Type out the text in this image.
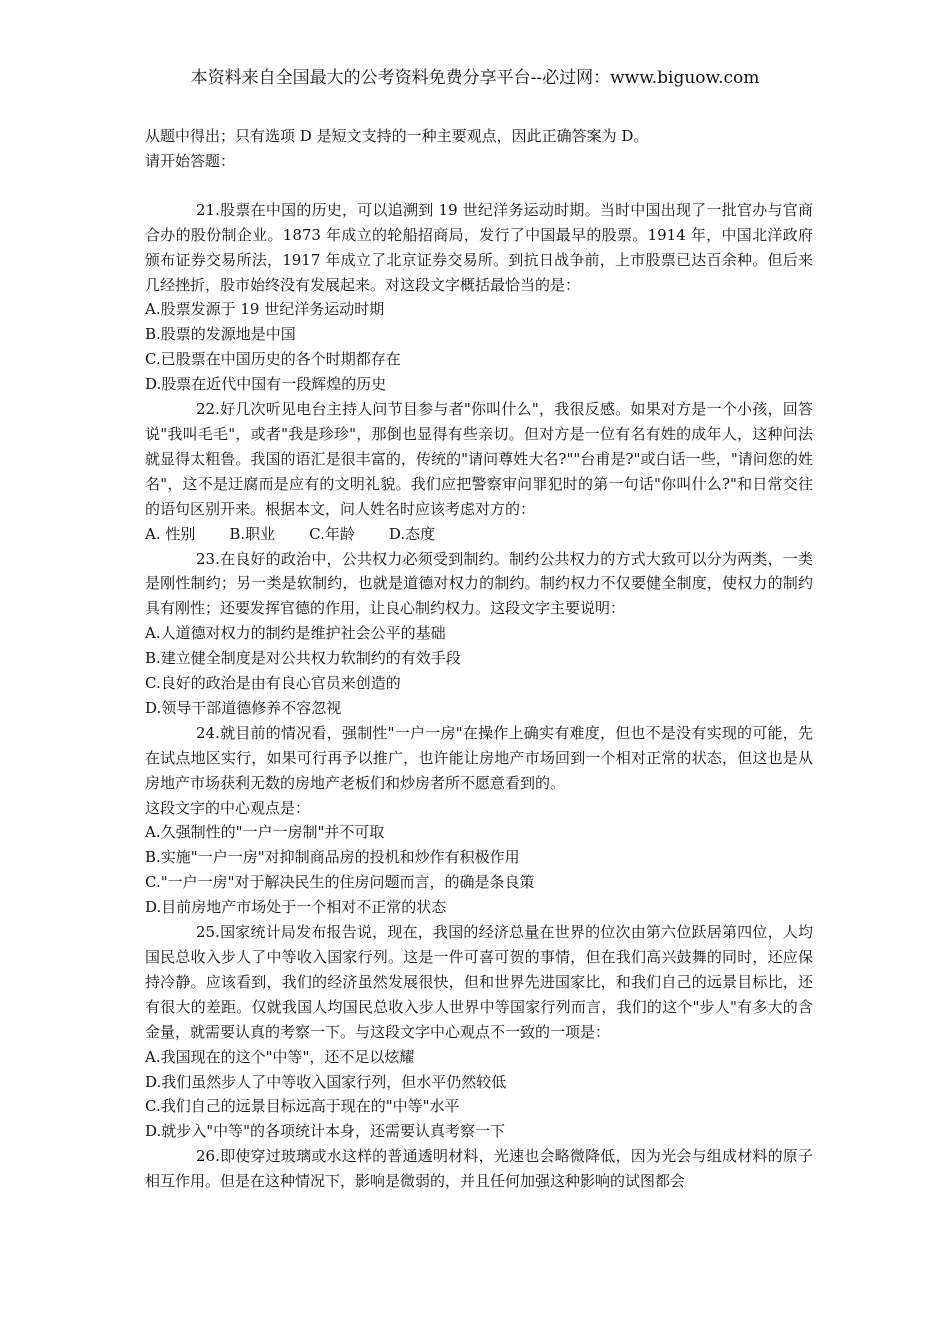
本资料来自全国最大的公考资料免费分享平台--必过网：www.biguow.com

从题中得出；只有选项 D 是短文支持的一种主要观点，因此正确答案为 D。

请开始答题：

21.股票在中国的历史，可以追溯到 19 世纪洋务运动时期。当时中国出现了一批官办与官商合办的股份制企业。1873 年成立的轮船招商局，发行了中国最早的股票。1914 年，中国北洋政府颁布证券交易所法，1917 年成立了北京证券交易所。到抗日战争前，上市股票已达百余种。但后来几经挫折，股市始终没有发展起来。对这段文字概括最恰当的是：

A.股票发源于 19 世纪洋务运动时期

B.股票的发源地是中国

C.已股票在中国历史的各个时期都存在

D.股票在近代中国有一段辉煌的历史

22.好几次听见电台主持人问节目参与者"你叫什么"，我很反感。如果对方是一个小孩，回答说"我叫毛毛"，或者"我是珍珍"，那倒也显得有些亲切。但对方是一位有名有姓的成年人，这种问法就显得太粗鲁。我国的语汇是很丰富的，传统的"请问尊姓大名?""台甫是?"或白话一些，"请问您的姓名"，这不是迂腐而是应有的文明礼貌。我们应把警察审问罪犯时的第一句话"你叫什么?"和日常交往的语句区别开来。根据本文，问人姓名时应该考虑对方的：

A. 性别 B.职业 C.年龄 D.态度

23.在良好的政治中，公共权力必须受到制约。制约公共权力的方式大致可以分为两类，一类是刚性制约；另一类是软制约，也就是道德对权力的制约。制约权力不仅要健全制度，使权力的制约具有刚性；还要发挥官德的作用，让良心制约权力。这段文字主要说明：

A.人道德对权力的制约是维护社会公平的基础

B.建立健全制度是对公共权力软制约的有效手段

C.良好的政治是由有良心官员来创造的

D.领导干部道德修养不容忽视

24.就目前的情况看，强制性"一户一房"在操作上确实有难度，但也不是没有实现的可能，先在试点地区实行，如果可行再予以推广，也许能让房地产市场回到一个相对正常的状态，但这也是从房地产市场获利无数的房地产老板们和炒房者所不愿意看到的。

这段文字的中心观点是：

A.久强制性的"一户一房制"并不可取

B.实施"一户一房"对抑制商品房的投机和炒作有积极作用

C."一户一房"对于解决民生的住房问题而言，的确是条良策

D.目前房地产市场处于一个相对不正常的状态

25.国家统计局发布报告说，现在，我国的经济总量在世界的位次由第六位跃居第四位，人均国民总收入步人了中等收入国家行列。这是一件可喜可贺的事情，但在我们高兴鼓舞的同时，还应保持冷静。应该看到，我们的经济虽然发展很快，但和世界先进国家比，和我们自己的远景目标比，还有很大的差距。仅就我国人均国民总收入步人世界中等国家行列而言，我们的这个"步人"有多大的含金量，就需要认真的考察一下。与这段文字中心观点不一致的一项是：

A.我国现在的这个"中等"，还不足以炫耀

D.我们虽然步人了中等收入国家行列，但水平仍然较低

C.我们自己的远景目标远高于现在的"中等"水平

D.就步入"中等"的各项统计本身，还需要认真考察一下

26.即使穿过玻璃或水这样的普通透明材料，光速也会略微降低，因为光会与组成材料的原子相互作用。但是在这种情况下，影响是微弱的，并且任何加强这种影响的试图都会
